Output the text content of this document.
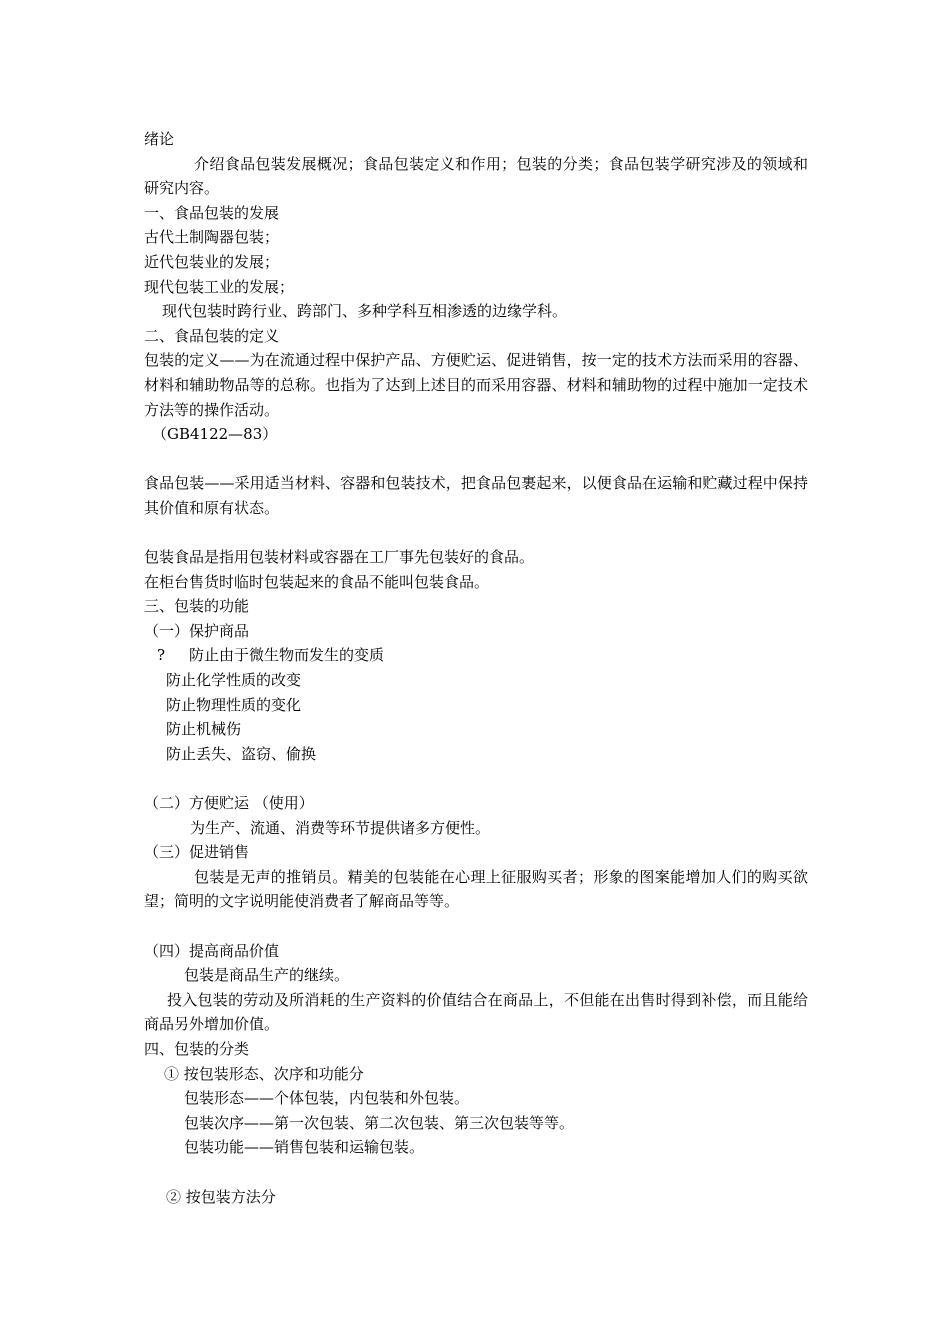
绪论
介绍食品包装发展概况；食品包装定义和作用；包装的分类；食品包装学研究涉及的领域和研究内容。
一、食品包装的发展
古代土制陶器包装；
近代包装业的发展；
现代包装工业的发展；
现代包装时跨行业、跨部门、多种学科互相渗透的边缘学科。
二、食品包装的定义
包装的定义——为在流通过程中保护产品、方便贮运、促进销售，按一定的技术方法而采用的容器、材料和辅助物品等的总称。也指为了达到上述目的而采用容器、材料和辅助物的过程中施加一定技术方法等的操作活动。
（GB4122—83）
食品包装——采用适当材料、容器和包装技术，把食品包裹起来，以便食品在运输和贮藏过程中保持其价值和原有状态。
包装食品是指用包装材料或容器在工厂事先包装好的食品。
在柜台售货时临时包装起来的食品不能叫包装食品。
三、包装的功能
（一）保护商品
? 防止由于微生物而发生的变质
防止化学性质的改变
防止物理性质的变化
防止机械伤
防止丢失、盗窃、偷换
（二）方便贮运 （使用）
为生产、流通、消费等环节提供诸多方便性。
（三）促进销售
包装是无声的推销员。精美的包装能在心理上征服购买者；形象的图案能增加人们的购买欲望；简明的文字说明能使消费者了解商品等等。
（四）提高商品价值
包装是商品生产的继续。
投入包装的劳动及所消耗的生产资料的价值结合在商品上，不但能在出售时得到补偿，而且能给商品另外增加价值。
四、包装的分类
① 按包装形态、次序和功能分
包装形态——个体包装，内包装和外包装。
包装次序——第一次包装、第二次包装、第三次包装等等。
包装功能——销售包装和运输包装。
② 按包装方法分
